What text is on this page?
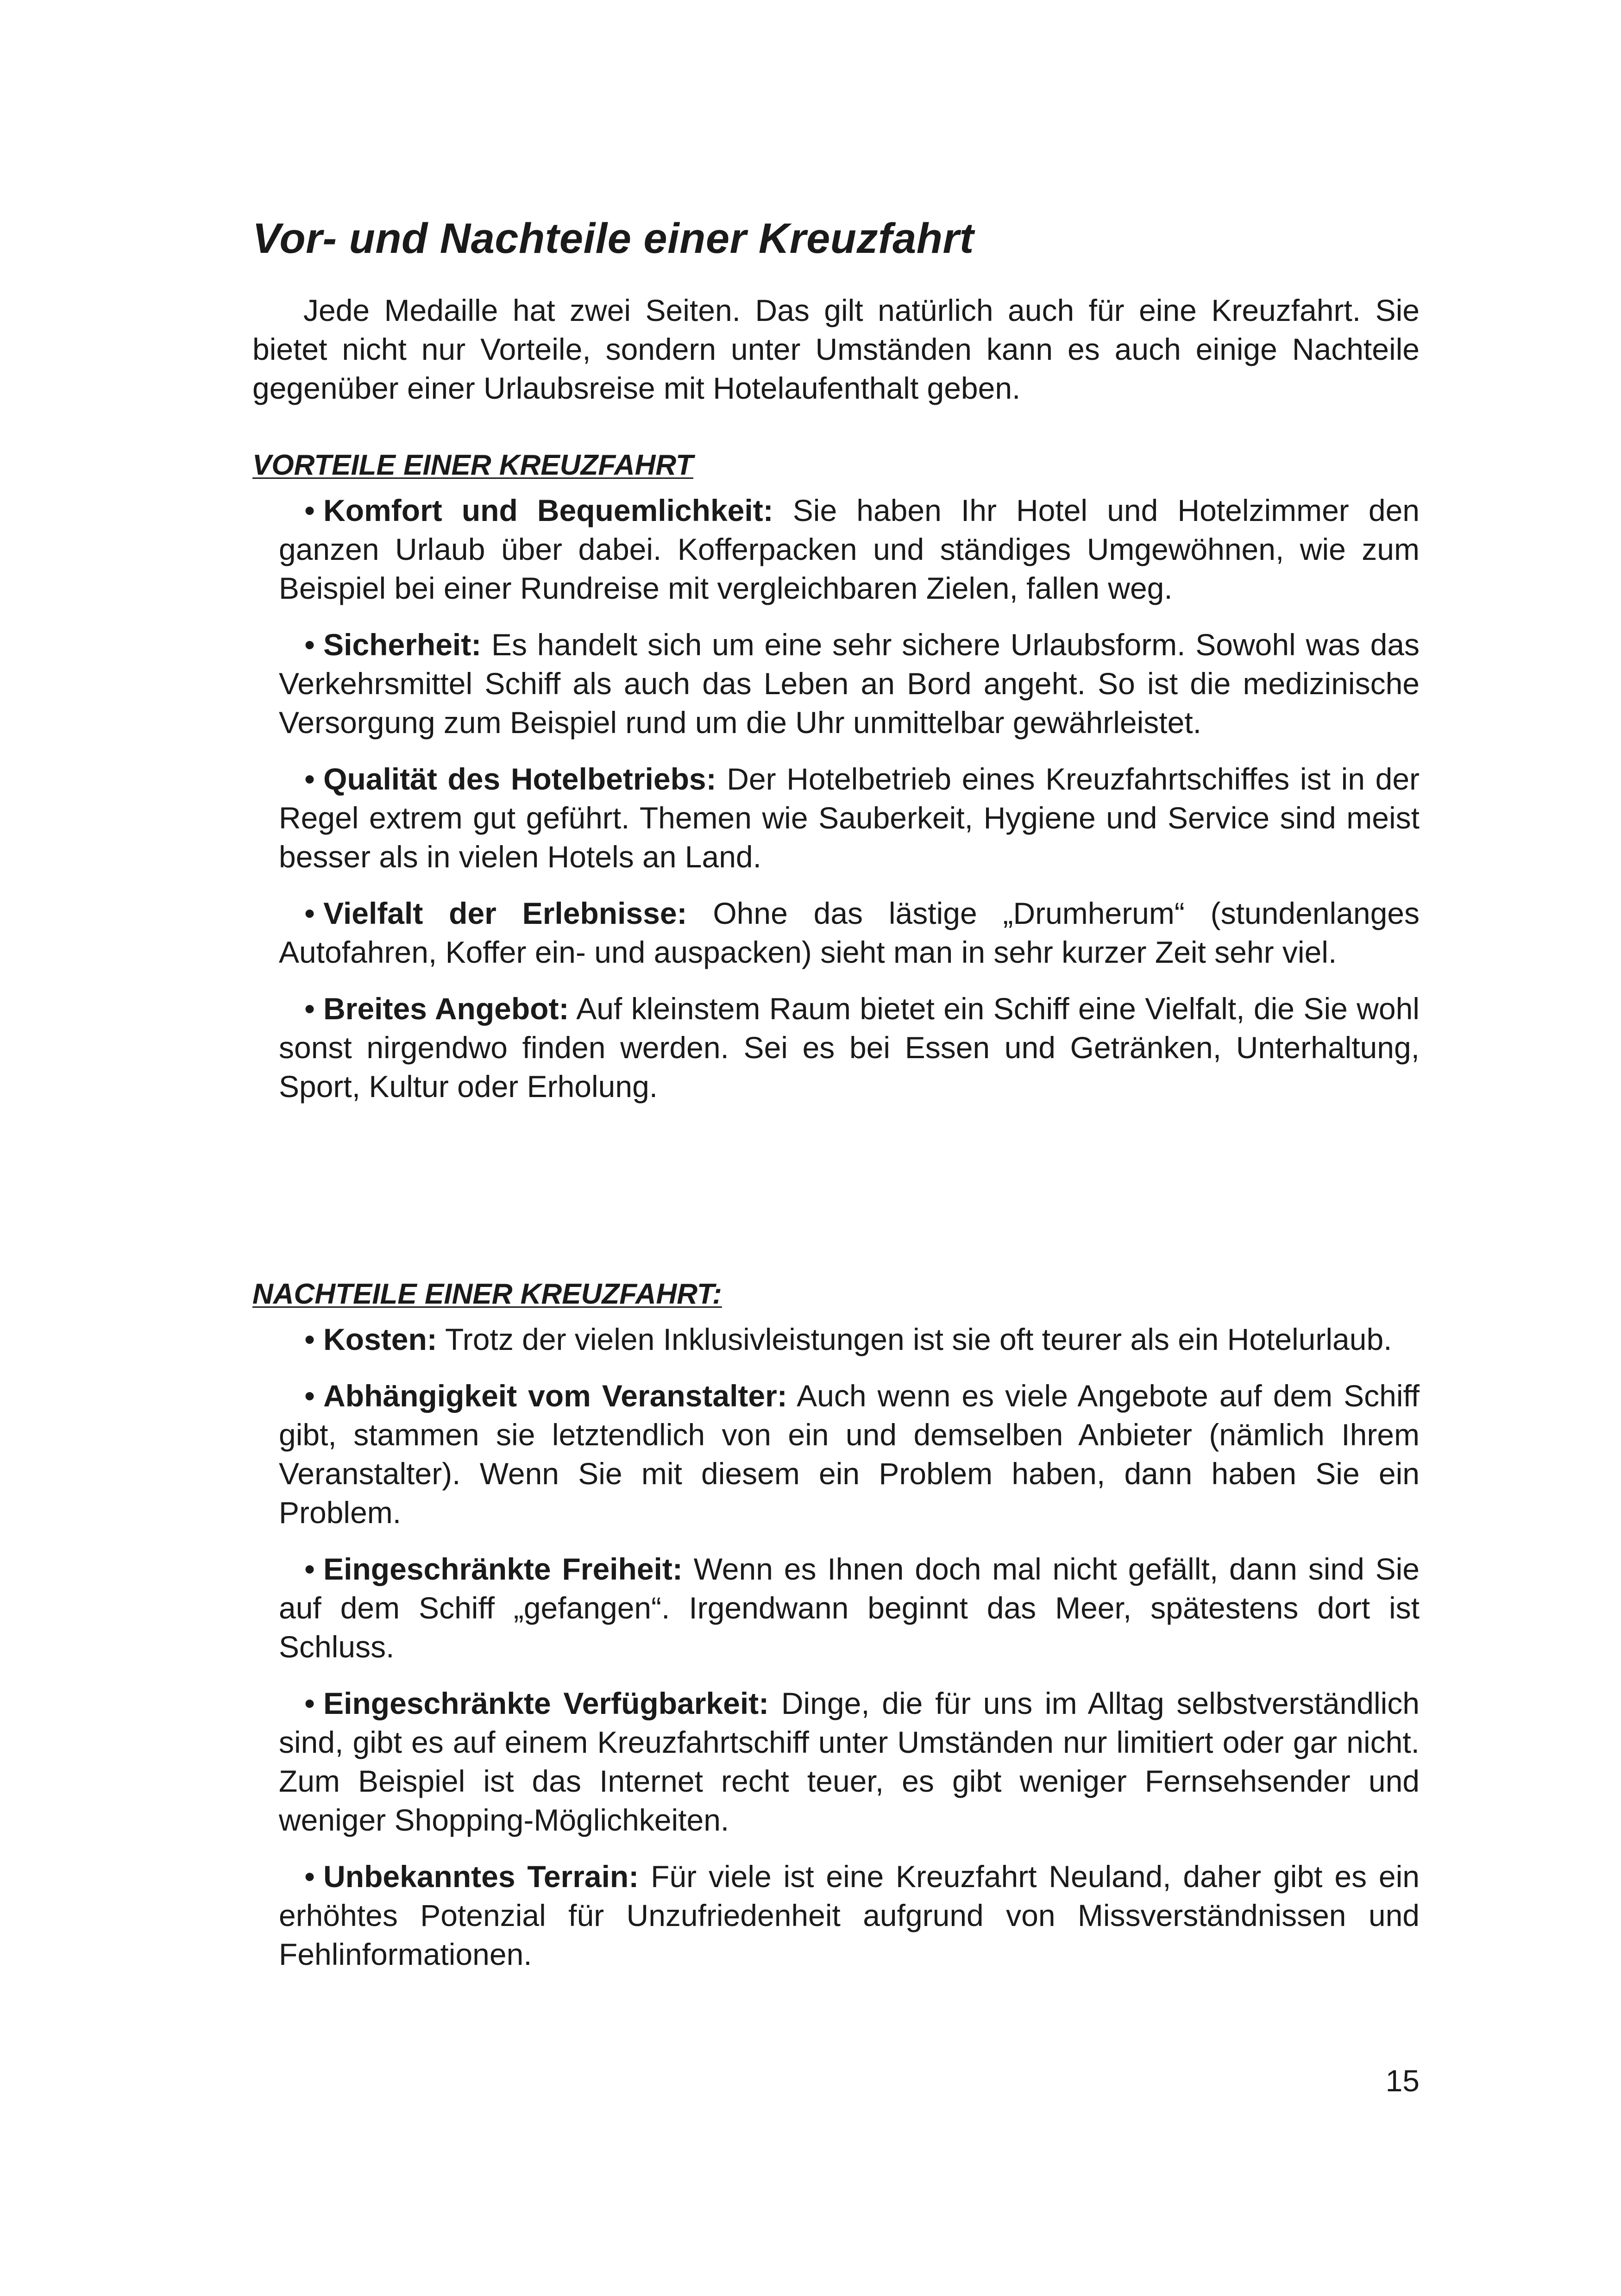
Vor- und Nachteile einer Kreuzfahrt

Jede Medaille hat zwei Seiten. Das gilt natürlich auch für eine Kreuzfahrt. Sie bietet nicht nur Vorteile, sondern unter Umständen kann es auch einige Nachteile gegenüber einer Urlaubsreise mit Hotelaufenthalt geben.

VORTEILE EINER KREUZFAHRT
• Komfort und Bequemlichkeit: Sie haben Ihr Hotel und Hotelzimmer den ganzen Urlaub über dabei. Kofferpacken und ständiges Umgewöhnen, wie zum Beispiel bei einer Rundreise mit vergleichbaren Zielen, fallen weg.
• Sicherheit: Es handelt sich um eine sehr sichere Urlaubsform. Sowohl was das Verkehrsmittel Schiff als auch das Leben an Bord angeht. So ist die medizinische Versorgung zum Beispiel rund um die Uhr unmittelbar gewährleistet.
• Qualität des Hotelbetriebs: Der Hotelbetrieb eines Kreuzfahrtschiffes ist in der Regel extrem gut geführt. Themen wie Sauberkeit, Hygiene und Service sind meist besser als in vielen Hotels an Land.
• Vielfalt der Erlebnisse: Ohne das lästige „Drumherum“ (stundenlanges Autofahren, Koffer ein- und auspacken) sieht man in sehr kurzer Zeit sehr viel.
• Breites Angebot: Auf kleinstem Raum bietet ein Schiff eine Vielfalt, die Sie wohl sonst nirgendwo finden werden. Sei es bei Essen und Getränken, Unterhaltung, Sport, Kultur oder Erholung.
NACHTEILE EINER KREUZFAHRT:
• Kosten: Trotz der vielen Inklusivleistungen ist sie oft teurer als ein Hotelurlaub.
• Abhängigkeit vom Veranstalter: Auch wenn es viele Angebote auf dem Schiff gibt, stammen sie letztendlich von ein und demselben Anbieter (nämlich Ihrem Veranstalter). Wenn Sie mit diesem ein Problem haben, dann haben Sie ein Problem.
• Eingeschränkte Freiheit: Wenn es Ihnen doch mal nicht gefällt, dann sind Sie auf dem Schiff „gefangen“. Irgendwann beginnt das Meer, spätestens dort ist Schluss.
• Eingeschränkte Verfügbarkeit: Dinge, die für uns im Alltag selbstverständlich sind, gibt es auf einem Kreuzfahrtschiff unter Umständen nur limitiert oder gar nicht. Zum Beispiel ist das Internet recht teuer, es gibt weniger Fernsehsender und weniger Shopping-Möglichkeiten.
• Unbekanntes Terrain: Für viele ist eine Kreuzfahrt Neuland, daher gibt es ein erhöhtes Potenzial für Unzufriedenheit aufgrund von Missverständnissen und Fehlinformationen.
15
